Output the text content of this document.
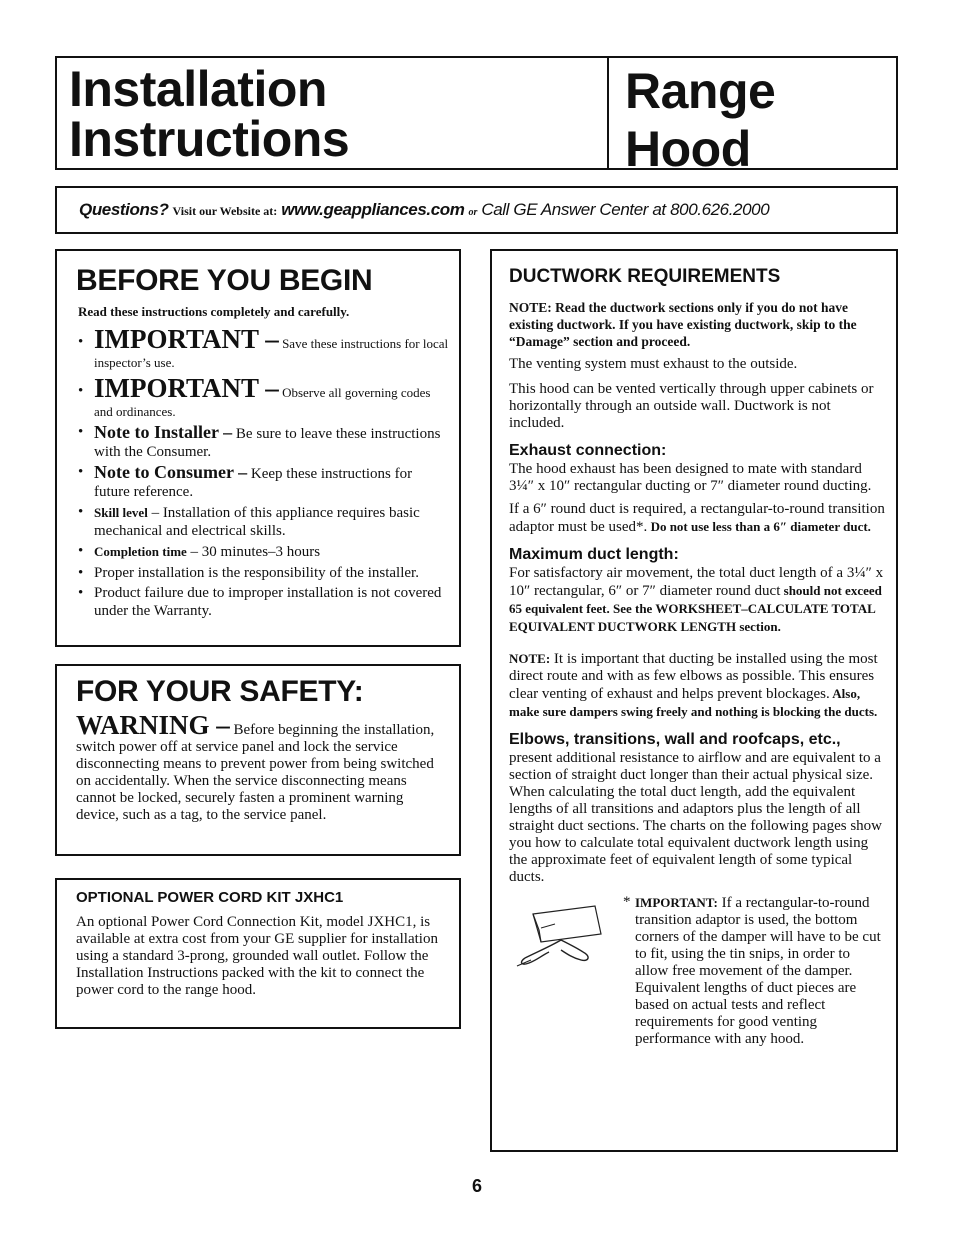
Installation
Instructions
Range Hood
Questions? Visit our Website at: www.geappliances.com or Call GE Answer Center at 800.626.2000
BEFORE YOU BEGIN

Read these instructions completely and carefully.

• IMPORTANT – Save these instructions for local inspector’s use.
• IMPORTANT – Observe all governing codes and ordinances.
• Note to Installer – Be sure to leave these instructions with the Consumer.
• Note to Consumer – Keep these instructions for future reference.
• Skill level – Installation of this appliance requires basic mechanical and electrical skills.
• Completion time – 30 minutes–3 hours
• Proper installation is the responsibility of the installer.
• Product failure due to improper installation is not covered under the Warranty.
FOR YOUR SAFETY:

WARNING – Before beginning the installation, switch power off at service panel and lock the service disconnecting means to prevent power from being switched on accidentally. When the service disconnecting means cannot be locked, securely fasten a prominent warning device, such as a tag, to the service panel.

OPTIONAL POWER CORD KIT JXHC1

An optional Power Cord Connection Kit, model JXHC1, is available at extra cost from your GE supplier for installation using a standard 3-prong, grounded wall outlet. Follow the Installation Instructions packed with the kit to connect the power cord to the range hood.

DUCTWORK REQUIREMENTS

NOTE: Read the ductwork sections only if you do not have existing ductwork. If you have existing ductwork, skip to the “Damage” section and proceed.

The venting system must exhaust to the outside.

This hood can be vented vertically through upper cabinets or horizontally through an outside wall. Ductwork is not included.

Exhaust connection:

The hood exhaust has been designed to mate with standard 3¼″ x 10″ rectangular ducting or 7″ diameter round ducting.

If a 6″ round duct is required, a rectangular-to-round transition adaptor must be used*. Do not use less than a 6″ diameter duct.

Maximum duct length:

For satisfactory air movement, the total duct length of a 3¼″ x 10″ rectangular, 6″ or 7″ diameter round duct should not exceed 65 equivalent feet. See the WORKSHEET–CALCULATE TOTAL EQUIVALENT DUCTWORK LENGTH section.

NOTE: It is important that ducting be installed using the most direct route and with as few elbows as possible. This ensures clear venting of exhaust and helps prevent blockages. Also, make sure dampers swing freely and nothing is blocking the ducts.

Elbows, transitions, wall and roofcaps, etc.,

present additional resistance to airflow and are equivalent to a section of straight duct longer than their actual physical size. When calculating the total duct length, add the equivalent lengths of all transitions and adaptors plus the length of all straight duct sections. The charts on the following pages show you how to calculate total equivalent ductwork length using the approximate feet of equivalent length of some typical ducts.

* IMPORTANT: If a rectangular-to-round transition adaptor is used, the bottom corners of the damper will have to be cut to fit, using the tin snips, in order to allow free movement of the damper. Equivalent lengths of duct pieces are based on actual tests and reflect requirements for good venting performance with any hood.
6
